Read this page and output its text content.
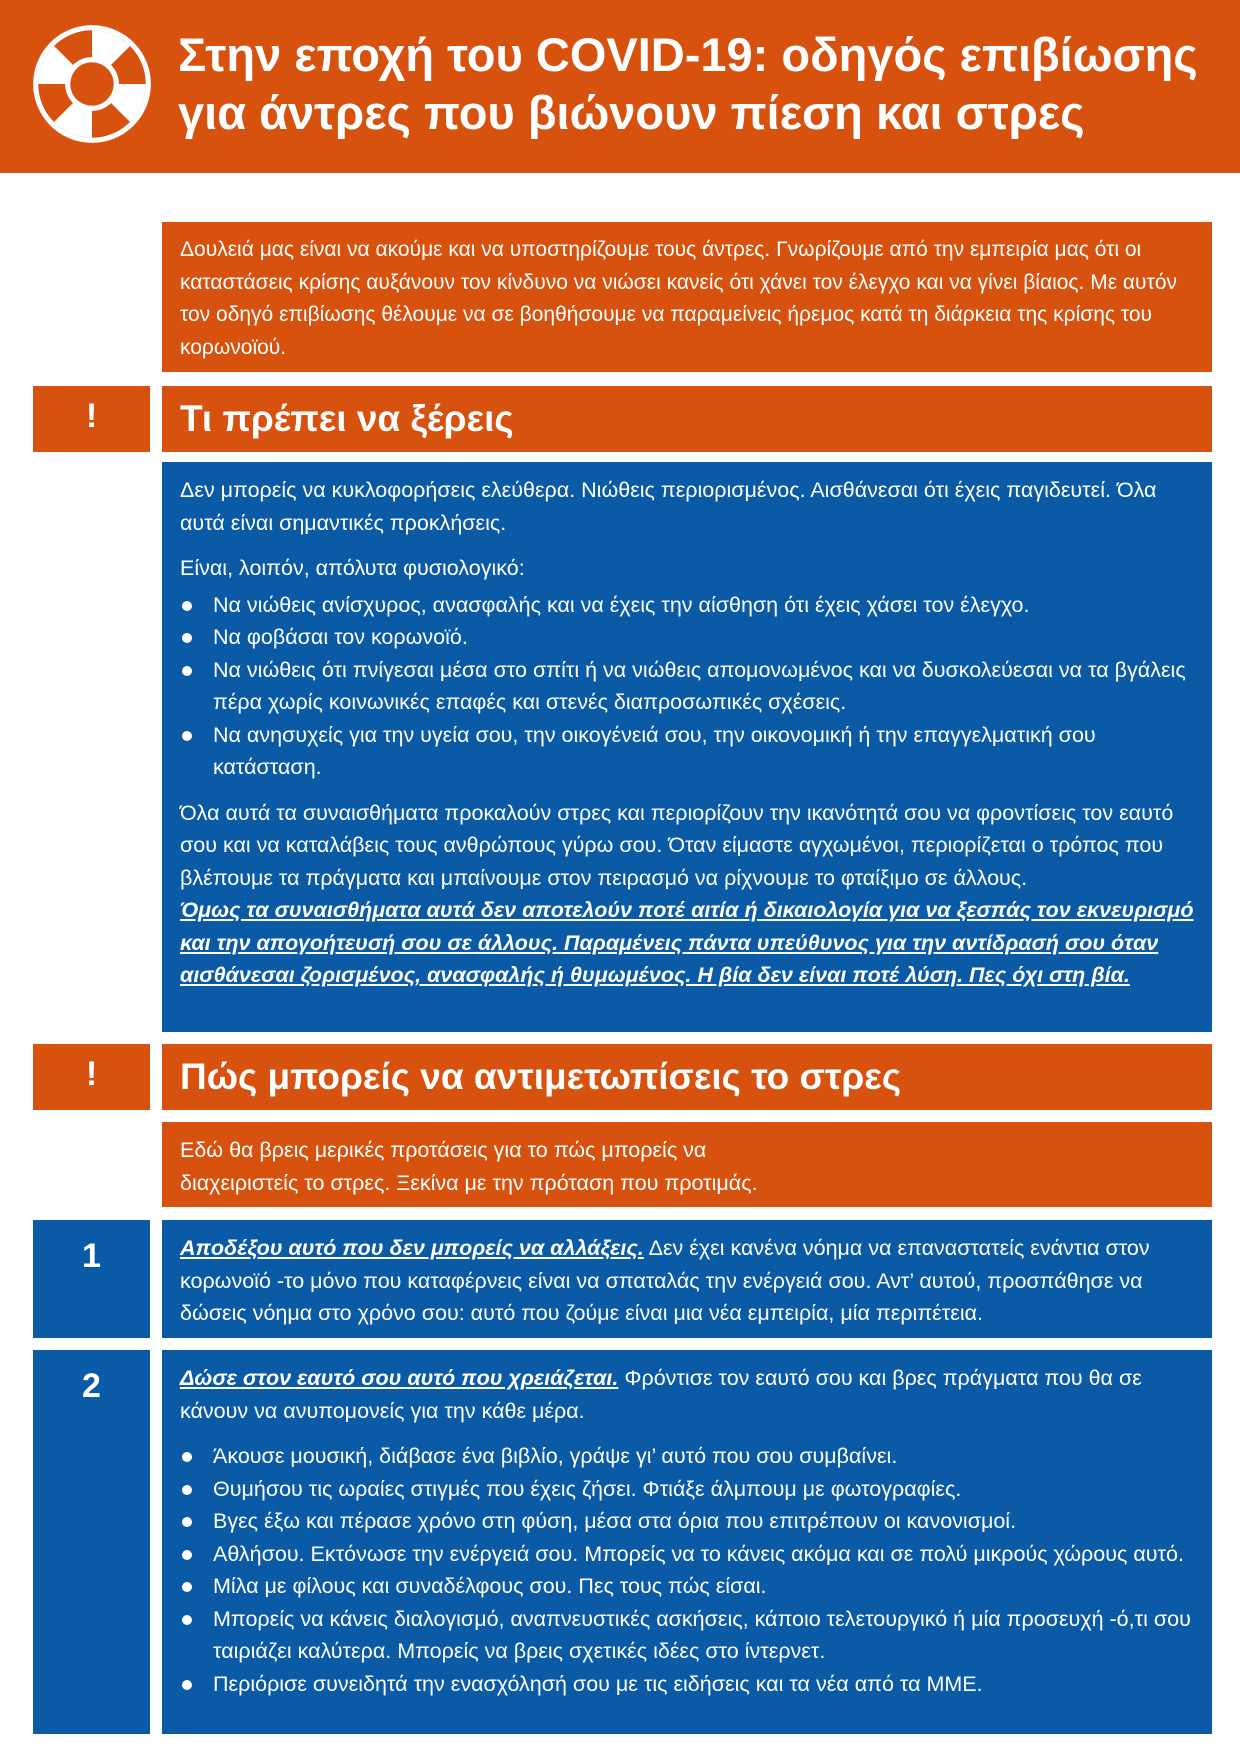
Στην εποχή του COVID-19: οδηγός επιβίωσης
για άντρες που βιώνουν πίεση και στρες

Δουλειά μας είναι να ακούμε και να υποστηρίζουμε τους άντρες. Γνωρίζουμε από την εμπειρία μας ότι οι καταστάσεις κρίσης αυξάνουν τον κίνδυνο να νιώσει κανείς ότι χάνει τον έλεγχο και να γίνει βίαιος. Με αυτόν τον οδηγό επιβίωσης θέλουμε να σε βοηθήσουμε να παραμείνεις ήρεμος κατά τη διάρκεια της κρίσης του κορωνοϊού.

!	Τι πρέπει να ξέρεις

Δεν μπορείς να κυκλοφορήσεις ελεύθερα. Νιώθεις περιορισμένος. Αισθάνεσαι ότι έχεις παγιδευτεί. Όλα αυτά είναι σημαντικές προκλήσεις.

Είναι, λοιπόν, απόλυτα φυσιολογικό:

Να νιώθεις ανίσχυρος, ανασφαλής και να έχεις την αίσθηση ότι έχεις χάσει τον έλεγχο.
Να φοβάσαι τον κορωνοϊό.
Να νιώθεις ότι πνίγεσαι μέσα στο σπίτι ή να νιώθεις απομονωμένος και να δυσκολεύεσαι να τα βγάλεις πέρα χωρίς κοινωνικές επαφές και στενές διαπροσωπικές σχέσεις.
Να ανησυχείς για την υγεία σου, την οικογένειά σου, την οικονομική ή την επαγγελματική σου κατάσταση.

Όλα αυτά τα συναισθήματα προκαλούν στρες και περιορίζουν την ικανότητά σου να φροντίσεις τον εαυτό σου και να καταλάβεις τους ανθρώπους γύρω σου. Όταν είμαστε αγχωμένοι, περιορίζεται ο τρόπος που βλέπουμε τα πράγματα και μπαίνουμε στον πειρασμό να ρίχνουμε το φταίξιμο σε άλλους.

Όμως τα συναισθήματα αυτά δεν αποτελούν ποτέ αιτία ή δικαιολογία για να ξεσπάς τον εκνευρισμό και την απογοήτευσή σου σε άλλους. Παραμένεις πάντα υπεύθυνος για την αντίδρασή σου όταν αισθάνεσαι ζορισμένος, ανασφαλής ή θυμωμένος. Η βία δεν είναι ποτέ λύση. Πες όχι στη βία.

!	Πώς μπορείς να αντιμετωπίσεις το στρες
Εδώ θα βρεις μερικές προτάσεις για το πώς μπορείς να
διαχειριστείς το στρες. Ξεκίνα με την πρόταση που προτιμάς.
1	Αποδέξου αυτό που δεν μπορείς να αλλάξεις. Δεν έχει κανένα νόημα να επαναστατείς ενάντια στον κορωνοϊό -το μόνο που καταφέρνεις είναι να σπαταλάς την ενέργειά σου. Αντ’ αυτού, προσπάθησε να δώσεις νόημα στο χρόνο σου: αυτό που ζούμε είναι μια νέα εμπειρία, μία περιπέτεια.
2	Δώσε στον εαυτό σου αυτό που χρειάζεται. Φρόντισε τον εαυτό σου και βρες πράγματα που θα σε κάνουν να ανυπομονείς για την κάθε μέρα.

Άκουσε μουσική, διάβασε ένα βιβλίο, γράψε γι’ αυτό που σου συμβαίνει.
Θυμήσου τις ωραίες στιγμές που έχεις ζήσει. Φτιάξε άλμπουμ με φωτογραφίες.
Βγες έξω και πέρασε χρόνο στη φύση, μέσα στα όρια που επιτρέπουν οι κανονισμοί.
Αθλήσου. Εκτόνωσε την ενέργειά σου. Μπορείς να το κάνεις ακόμα και σε πολύ μικρούς χώρους αυτό.
Μίλα με φίλους και συναδέλφους σου. Πες τους πώς είσαι.
Μπορείς να κάνεις διαλογισμό, αναπνευστικές ασκήσεις, κάποιο τελετουργικό ή μία προσευχή -ό,τι σου ταιριάζει καλύτερα. Μπορείς να βρεις σχετικές ιδέες στο ίντερνετ.
Περιόρισε συνειδητά την ενασχόλησή σου με τις ειδήσεις και τα νέα από τα ΜΜΕ.
